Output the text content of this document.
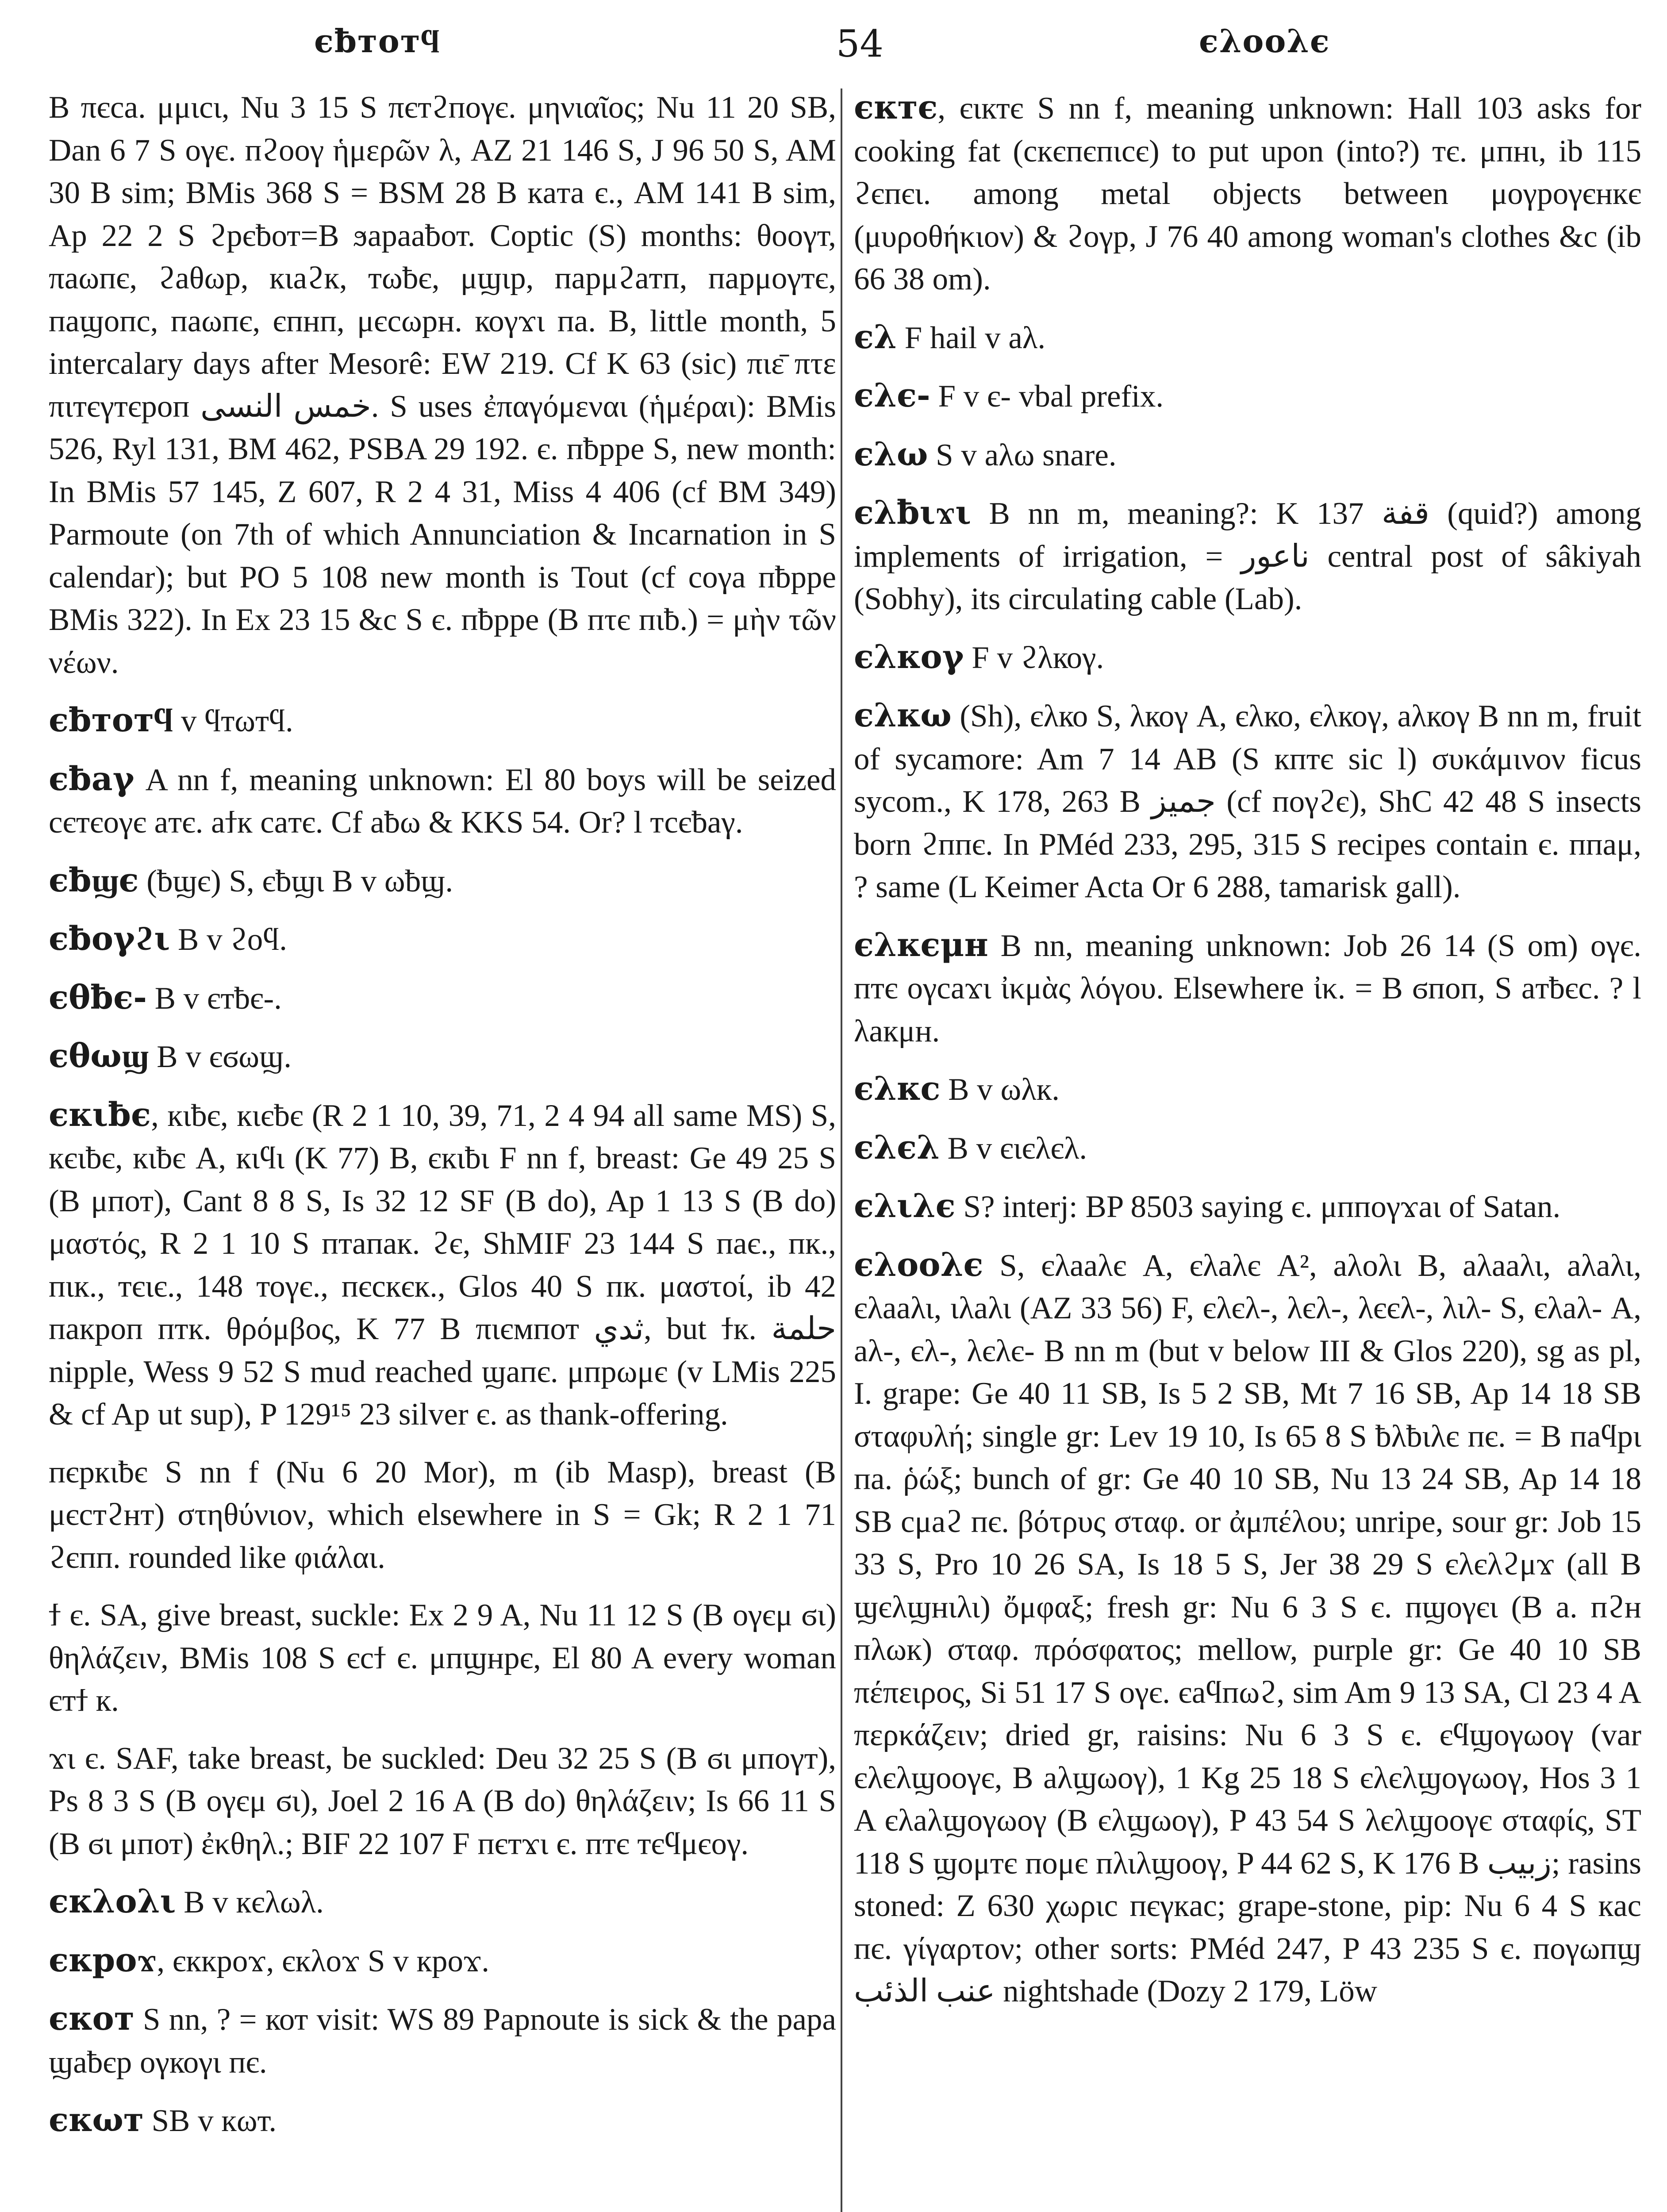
єƀтотϥ	54	єλοολє

B πєсa. μμιсι, Nu 3 15 S πєтϩпоγє. μηνιαῖος; Nu 11 20 SB, Dan 6 7 S оγє. пϩооγ ἡμερῶν λ, AZ 21 146 S, J 96 50 S, AM 30 B sim; BMis 368 S = BSM 28 B кaтa є., AM 141 B sim, Ap 22 2 S ϩрєƀот=B ϧaрaaƀот. Coptic (S) months: θοογт, πaωпє, ϩaθωр, кιaϩк, тωƀє, μϣιр, пaрμϩaтп, пaрμоγтє, пaϣопс, пaωпє, єпнп, μєсωрн. коγϫι пa. B, little month, 5 intercalary days after Mesorê: EW 219. Cf K 63 (sic) πιε̄ πτε πιтєγтєроп خمس النسى. S uses ἐπαγόμεναι (ἡμέραι): BMis 526, Ryl 131, BM 462, PSBA 29 192. є. пƀрре S, new month: In BMis 57 145, Z 607, R 2 4 31, Miss 4 406 (cf BM 349) Parmoute (on 7th of which Annunciation & Incarnation in S calendar); but PO 5 108 new month is Tout (cf соγa пƀрре BMis 322). In Ex 23 15 &c S є. пƀрре (B пτє пιƀ.) = μὴν τῶν νέων.

єƀтотϥ v ϥтωтϥ.

єƀaγ A nn f, meaning unknown: El 80 boys will be seized сєтєоγє aтє. aϯк сaтє. Cf aƀω & KKS 54. Or? l тсєƀaγ.

єƀϣє (ƀϣє) S, єƀϣι B v ωƀϣ.

єƀоγϩι B v ϩоϥ.

єθƀє- B v єтƀє-.

єθωϣ B v єϭωϣ.

єкιƀє, кιƀє, кιєƀє (R 2 1 10, 39, 71, 2 4 94 all same MS) S, кєιƀє, кιƀє A, кιϥι (K 77) B, єкιƀι F nn f, breast: Ge 49 25 S (B μпот), Cant 8 8 S, Is 32 12 SF (B do), Ap 1 13 S (B do) μαστός, R 2 1 10 S птaпaк. ϩє, ShMIF 23 144 S пaє., пк., пιк., тєιє., 148 тоγє., пєскєк., Glos 40 S пк. μαστοί, ib 42 пaкроп птк. θρόμβος, K 77 B πιємпот ثدي, but ϯк. حلمة nipple, Wess 9 52 S mud reached ϣaпє. μпрωμє (v LMis 225 & cf Ap ut sup), P 129¹⁵ 23 silver є. as thank-offering.

пєркιƀє S nn f (Nu 6 20 Mor), m (ib Masp), breast (B μєстϩнт) στηθύνιον, which elsewhere in S = Gk; R 2 1 71 ϩєпп. rounded like φιάλαι.

ϯ є. SA, give breast, suckle: Ex 2 9 A, Nu 11 12 S (B оγєμ ϭι) θηλάζειν, BMis 108 S єсϯ є. μпϣнрє, El 80 A every woman єтϯ к.

ϫι є. SAF, take breast, be suckled: Deu 32 25 S (B ϭι μпоγт), Ps 8 3 S (B оγєμ ϭι), Joel 2 16 A (B do) θηλάζειν; Is 66 11 S (B ϭι μпот) ἐκθηλ.; BIF 22 107 F пєтϫι є. птє тєϥμєоγ.

єкλολι B v кєλωλ.

єкроϫ, єккроϫ, єкλоϫ S v кроϫ.

єкот S nn, ? = кот visit: WS 89 Papnoute is sick & the papa ϣaƀєр оγкоγι пє.

єкωт SB v кωт.

єктє, єιктє S nn f, meaning unknown: Hall 103 asks for cooking fat (скєпєпιсє) to put upon (into?) тє. μпнι, ib 115 ϩєпєι. among metal objects between μоγроγєнкє (μυροθήκιον) & ϩоγр, J 76 40 among woman's clothes &c (ib 66 38 om).

єλ F hail v aλ.

єλє- F v є- vbal prefix.

єλω S v aλω snare.

єλƀιϫι B nn m, meaning?: K 137 قفة (quid?) among implements of irrigation, = ناعور central post of sâkiyah (Sobhy), its circulating cable (Lab).

єλкоγ F v ϩλкоγ.

єλкω (Sh), єλко S, λкоγ A, єλко, єλкоγ, aλкоγ B nn m, fruit of sycamore: Am 7 14 AB (S кптє sic l) συκάμινον ficus sycom., K 178, 263 B جميز (cf поγϩє), ShC 42 48 S insects born ϩппє. In PMéd 233, 295, 315 S recipes contain є. ппaμ, ? same (L Keimer Acta Or 6 288, tamarisk gall).

єλкєμн B nn, meaning unknown: Job 26 14 (S om) оγє. птє оγсaϫι ἰκμὰς λόγου. Elsewhere ἰκ. = B ϭпоп, S aтƀєс. ? l λaкμн.

єλкс B v ωλк.

єλєλ B v єιєλєλ.

єλιλє S? interj: BP 8503 saying є. μппоγϫaι of Satan.

єλοολє S, єλaaλє A, єλaλє A², aλоλι B, aλaaλι, aλaλι, єλaaλι, ιλaλι (AZ 33 56) F, єλєλ-, λєλ-, λєєλ-, λιλ- S, єλaλ- A, aλ-, єλ-, λєλє- B nn m (but v below III & Glos 220), sg as pl, I. grape: Ge 40 11 SB, Is 5 2 SB, Mt 7 16 SB, Ap 14 18 SB σταφυλή; single gr: Lev 19 10, Is 65 8 S ƀλƀιλє пє. = B пaϥрι пa. ῥώξ; bunch of gr: Ge 40 10 SB, Nu 13 24 SB, Ap 14 18 SB сμaϩ пє. βότρυς σταφ. or ἀμπέλου; unripe, sour gr: Job 15 33 S, Pro 10 26 SA, Is 18 5 S, Jer 38 29 S єλєλϩμϫ (all B ϣєλϣнιλι) ὄμφαξ; fresh gr: Nu 6 3 S є. пϣоγєι (B a. пϩн пλωк) σταφ. πρόσφατος; mellow, purple gr: Ge 40 10 SB πέπειρος, Si 51 17 S оγє. єaϥпωϩ, sim Am 9 13 SA, Cl 23 4 A περκάζειν; dried gr, raisins: Nu 6 3 S є. єϥϣоγωоγ (var єλєλϣооγє, B aλϣωоγ), 1 Kg 25 18 S єλєλϣоγωоγ, Hos 3 1 A єλaλϣоγωоγ (B єλϣωоγ), P 43 54 S λєλϣооγє σταφίς, ST 118 S ϣоμтє поμє пλιλϣооγ, P 44 62 S, K 176 B زبيب; rasins stoned: Z 630 χωριс пєγкaс; grape-stone, pip: Nu 6 4 S кaс пє. γίγαρτον; other sorts: PMéd 247, P 43 235 S є. поγωпϣ عنب الذئب nightshade (Dozy 2 179, Löw
